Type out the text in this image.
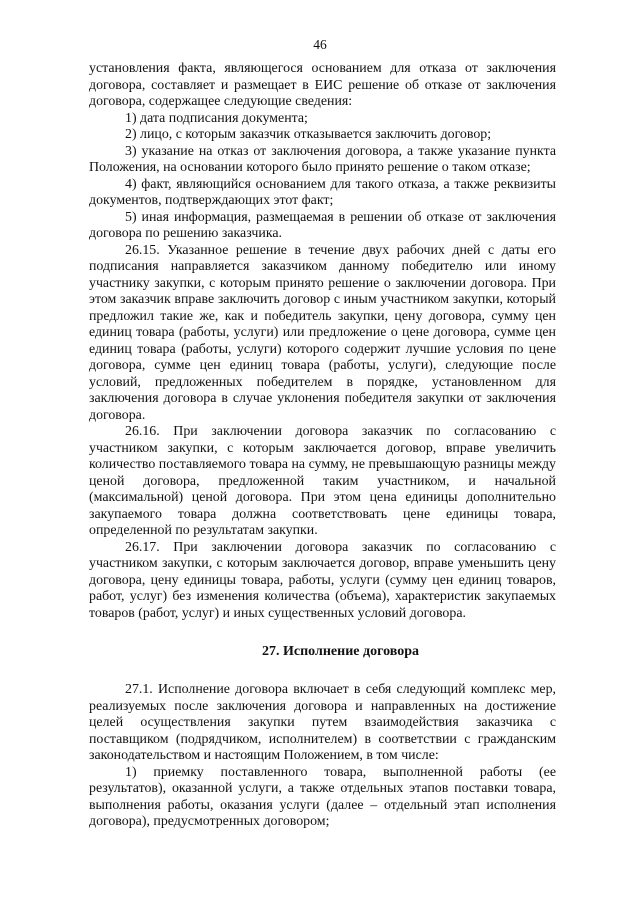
46

установления факта, являющегося основанием для отказа от заключения договора, составляет и размещает в ЕИС решение об отказе от заключения договора, содержащее следующие сведения:

1) дата подписания документа;

2) лицо, с которым заказчик отказывается заключить договор;

3) указание на отказ от заключения договора, а также указание пункта Положения, на основании которого было принято решение о таком отказе;

4) факт, являющийся основанием для такого отказа, а также реквизиты документов, подтверждающих этот факт;

5) иная информация, размещаемая в решении об отказе от заключения договора по решению заказчика.

26.15. Указанное решение в течение двух рабочих дней с даты его подписания направляется заказчиком данному победителю или иному участнику закупки, с которым принято решение о заключении договора. При этом заказчик вправе заключить договор с иным участником закупки, который предложил такие же, как и победитель закупки, цену договора, сумму цен единиц товара (работы, услуги) или предложение о цене договора, сумме цен единиц товара (работы, услуги) которого содержит лучшие условия по цене договора, сумме цен единиц товара (работы, услуги), следующие после условий, предложенных победителем в порядке, установленном для заключения договора в случае уклонения победителя закупки от заключения договора.

26.16. При заключении договора заказчик по согласованию с участником закупки, с которым заключается договор, вправе увеличить количество поставляемого товара на сумму, не превышающую разницы между ценой договора, предложенной таким участником, и начальной (максимальной) ценой договора. При этом цена единицы дополнительно закупаемого товара должна соответствовать цене единицы товара, определенной по результатам закупки.

26.17. При заключении договора заказчик по согласованию с участником закупки, с которым заключается договор, вправе уменьшить цену договора, цену единицы товара, работы, услуги (сумму цен единиц товаров, работ, услуг) без изменения количества (объема), характеристик закупаемых товаров (работ, услуг) и иных существенных условий договора.

27. Исполнение договора

27.1. Исполнение договора включает в себя следующий комплекс мер, реализуемых после заключения договора и направленных на достижение целей осуществления закупки путем взаимодействия заказчика с поставщиком (подрядчиком, исполнителем) в соответствии с гражданским законодательством и настоящим Положением, в том числе:

1) приемку поставленного товара, выполненной работы (ее результатов), оказанной услуги, а также отдельных этапов поставки товара, выполнения работы, оказания услуги (далее – отдельный этап исполнения договора), предусмотренных договором;
